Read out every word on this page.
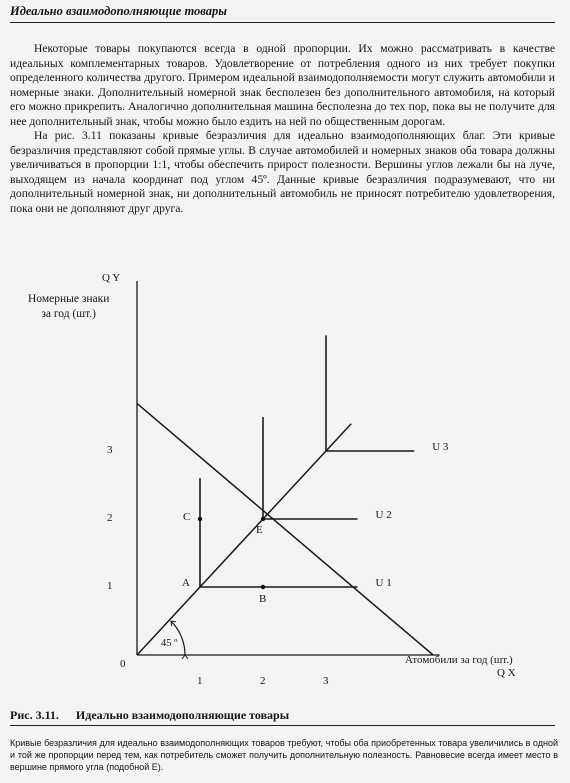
Идеально взаимодополняющие товары

Некоторые товары покупаются всегда в одной пропорции. Их можно рассматривать в качестве идеальных комплементарных товаров. Удовлетворение от потребления одного из них требует покупки определенного количества другого. Примером идеальной взаимодополняемости могут служить автомобили и номерные знаки. Дополнительный номерной знак бесполезен без дополнительного автомобиля, на который его можно прикрепить. Аналогично дополнительная машина бесполезна до тех пор, пока вы не получите для нее дополнительный знак, чтобы можно было ездить на ней по общественным дорогам.

На рис. 3.11 показаны кривые безразличия для идеально взаимодополняющих благ. Эти кривые безразличия представляют собой прямые углы. В случае автомобилей и номерных знаков оба товара должны увеличиваться в пропорции 1:1, чтобы обеспечить прирост полезности. Вершины углов лежали бы на луче, выходящем из начала координат под углом 45º. Данные кривые безразличия подразумевают, что ни дополнительный номерной знак, ни дополнительный автомобиль не приносят потребителю удовлетворения, пока они не дополняют друг друга.

Q Y
Номерные знаки
за год (шт.)
0
1	2	3
1
2
3
A
B
C
E
U 1
U 2
U 3
45 º
Атомобили за год (шт.)
Q X
Рис. 3.11. Идеально взаимодополняющие товары
Кривые безразличия для идеально взаимодополняющих товаров требуют, чтобы оба приобретенных товара увеличились в одной и той же пропорции перед тем, как потребитель сможет получить дополнительную полезность. Равновесие всегда имеет место в вершине прямого угла (подобной Е).
